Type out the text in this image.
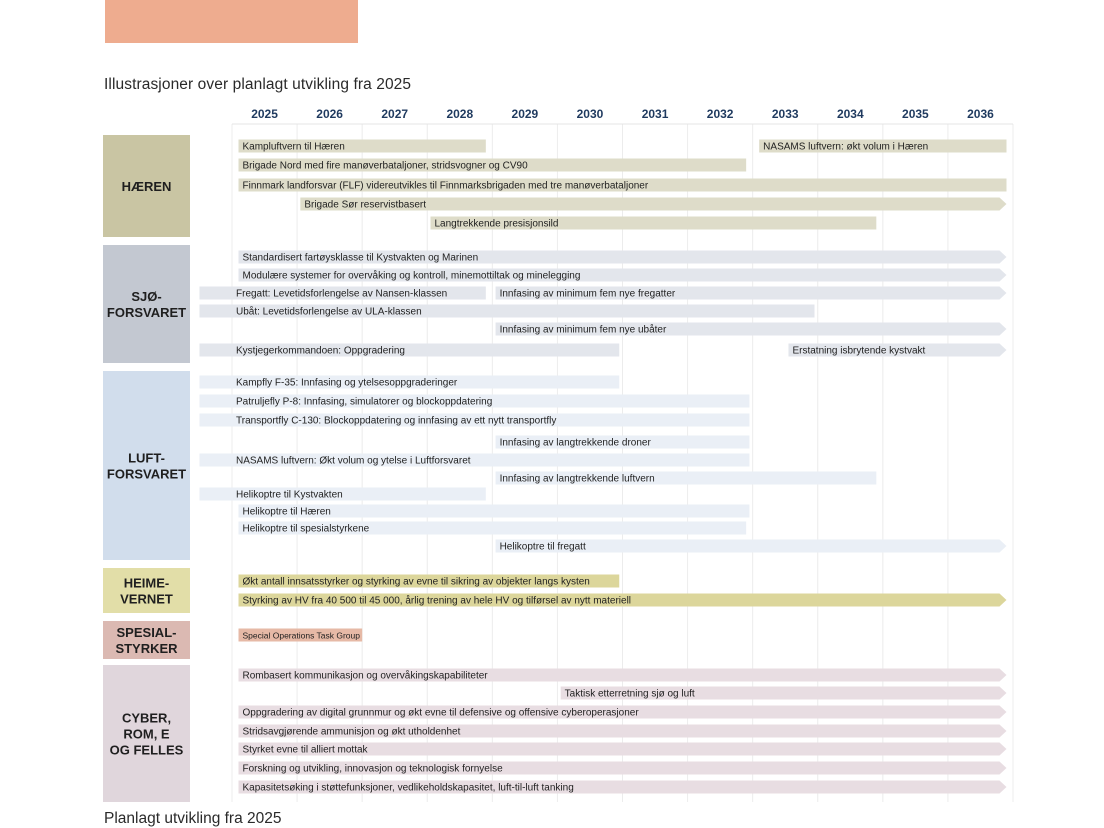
Illustrasjoner over planlagt utvikling fra 2025
2025	2026	2027	2028	2029	2030	2031	2032	2033	2034	2035	2036
HÆREN
Kampluftvern til Hæren	NASAMS luftvern: økt volum i Hæren
Brigade Nord med fire manøverbataljoner, stridsvogner og CV90
Finnmark landforsvar (FLF) videreutvikles til Finnmarksbrigaden med tre manøverbataljoner
Brigade Sør reservistbasert
Langtrekkende presisjonsild
SJØ-FORSVARET
Standardisert fartøysklasse til Kystvakten og Marinen
Modulære systemer for overvåking og kontroll, minemottiltak og minelegging
Fregatt: Levetidsforlengelse av Nansen-klassen	Innfasing av minimum fem nye fregatter
Ubåt: Levetidsforlengelse av ULA-klassen
Innfasing av minimum fem nye ubåter
Kystjegerkommandoen: Oppgradering	Erstatning isbrytende kystvakt
LUFT-FORSVARET
Kampfly F-35: Innfasing og ytelsesoppgraderinger
Patruljefly P-8: Innfasing, simulatorer og blockoppdatering
Transportfly C-130: Blockoppdatering og innfasing av ett nytt transportfly
Innfasing av langtrekkende droner
NASAMS luftvern: Økt volum og ytelse i Luftforsvaret
Innfasing av langtrekkende luftvern
Helikoptre til Kystvakten
Helikoptre til Hæren
Helikoptre til spesialstyrkene
Helikoptre til fregatt
HEIME-VERNET
Økt antall innsatsstyrker og styrking av evne til sikring av objekter langs kysten
Styrking av HV fra 40 500 til 45 000, årlig trening av hele HV og tilførsel av nytt materiell
SPESIAL-STYRKER
Special Operations Task Group
CYBER, ROM, E OG FELLES
Rombasert kommunikasjon og overvåkingskapabiliteter
Taktisk etterretning sjø og luft
Oppgradering av digital grunnmur og økt evne til defensive og offensive cyberoperasjoner
Stridsavgjørende ammunisjon og økt utholdenhet
Styrket evne til alliert mottak
Forskning og utvikling, innovasjon og teknologisk fornyelse
Kapasitetsøking i støttefunksjoner, vedlikeholdskapasitet, luft-til-luft tanking
Planlagt utvikling fra 2025
